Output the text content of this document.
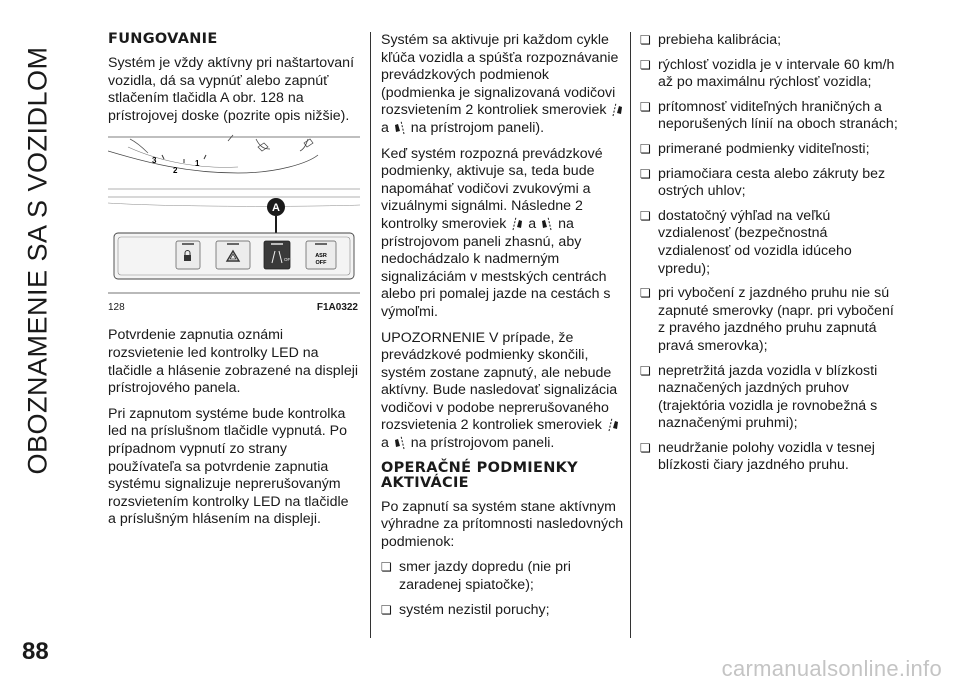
OBOZNAMENIE SA S VOZIDLOM
FUNGOVANIE

Systém je vždy aktívny pri naštartovaní vozidla, dá sa vypnúť alebo zapnúť stlačením tlačidla A obr. 128 na prístrojovej doske (pozrite opis nižšie).

3
2
1
A
OFF
ASR
OFF
128	F1A0322

Potvrdenie zapnutia oznámi rozsvietenie led kontrolky LED na tlačidle a hlásenie zobrazené na displeji prístrojového panela.

Pri zapnutom systéme bude kontrolka led na príslušnom tlačidle vypnutá. Po prípadnom vypnutí zo strany používateľa sa potvrdenie zapnutia systému signalizuje neprerušovaným rozsvietením kontrolky LED na tlačidle a príslušným hlásením na displeji.

Systém sa aktivuje pri každom cykle kľúča vozidla a spúšťa rozpoznávanie prevádzkových podmienok (podmienka je signalizovaná vodičovi rozsvietením 2 kontroliek smeroviek  a na prístrojom paneli).

Keď systém rozpozná prevádzkové podmienky, aktivuje sa, teda bude napomáhať vodičovi zvukovými a vizuálnymi signálmi. Následne 2 kontrolky smeroviek a na prístrojovom paneli zhasnú, aby nedochádzalo k nadmerným signalizáciám v mestských centrách alebo pri pomalej jazde na cestách s výmoľmi.

UPOZORNENIE V prípade, že prevádzkové podmienky skončili, systém zostane zapnutý, ale nebude aktívny. Bude nasledovať signalizácia vodičovi v podobe neprerušovaného rozsvietenia 2 kontroliek smeroviek  a na prístrojovom paneli.

OPERAČNÉ PODMIENKY AKTIVÁCIE

Po zapnutí sa systém stane aktívnym výhradne za prítomnosti nasledovných podmienok:

❏ smer jazdy dopredu (nie pri zaradenej spiatočke);
❏ systém nezistil poruchy;
❏ prebieha kalibrácia;
❏ rýchlosť vozidla je v intervale 60 km/h až po maximálnu rýchlosť vozidla;
❏ prítomnosť viditeľných hraničných a neporušených línií na oboch stranách;
❏ primerané podmienky viditeľnosti;
❏ priamočiara cesta alebo zákruty bez ostrých uhlov;
❏ dostatočný výhľad na veľkú vzdialenosť (bezpečnostná vzdialenosť od vozidla idúceho vpredu);
❏ pri vybočení z jazdného pruhu nie sú zapnuté smerovky (napr. pri vybočení z pravého jazdného pruhu zapnutá pravá smerovka);
❏ nepretržitá jazda vozidla v blízkosti naznačených jazdných pruhov (trajektória vozidla je rovnobežná s naznačenými pruhmi);
❏ neudržanie polohy vozidla v tesnej blízkosti čiary jazdného pruhu.
88
carmanualsonline.info
